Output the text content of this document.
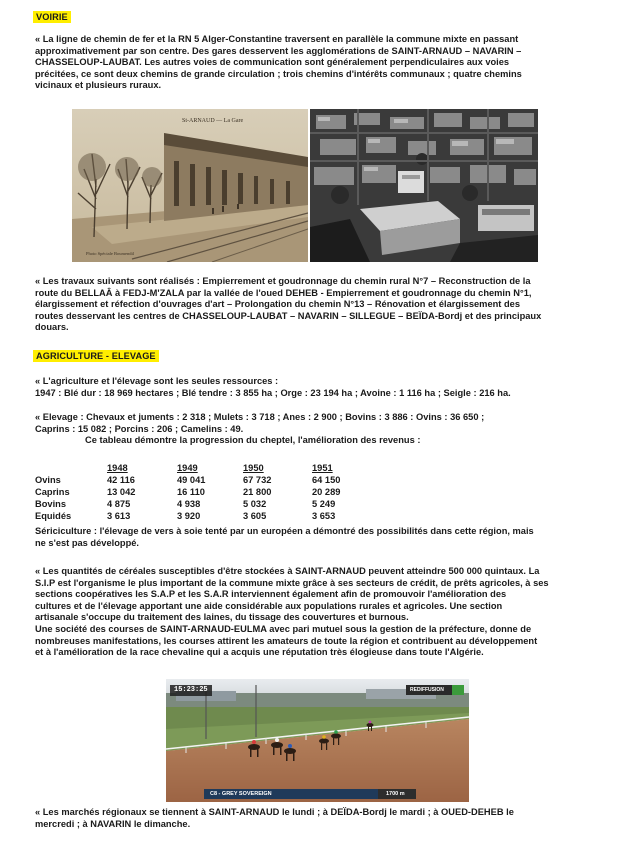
VOIRIE
« La ligne de chemin de fer et la RN 5 Alger-Constantine traversent en parallèle la commune mixte en passant
approximativement par son centre. Des gares desservent les agglomérations de SAINT-ARNAUD – NAVARIN –
CHASSELOUP-LAUBAT. Les autres voies de communication sont généralement perpendiculaires aux voies
précitées, ce sont deux chemins de grande circulation ; trois chemins d'intérêts communaux ; quatre chemins
vicinaux et plusieurs ruraux.
St-ARNAUD — La Gare
Photo Spéciale Boumendil
« Les travaux suivants sont réalisés : Empierrement et goudronnage du chemin rural N°7 – Reconstruction de la
route du BELLAÂ à FEDJ-M'ZALA par la vallée de l'oued DEHEB - Empierrement et goudronnage du chemin N°1,
élargissement et réfection d'ouvrages d'art – Prolongation du chemin N°13 – Rénovation et élargissement des
routes desservant les centres de CHASSELOUP-LAUBAT – NAVARIN – SILLEGUE – BEÏDA-Bordj et des principaux
douars.
AGRICULTURE - ELEVAGE
« L'agriculture et l'élevage sont les seules ressources :
1947 : Blé dur : 18 969 hectares ; Blé tendre : 3 855 ha ; Orge : 23 194 ha ; Avoine : 1 116 ha ; Seigle : 216 ha.
« Elevage : Chevaux et juments : 2 318 ; Mulets : 3 718 ; Anes : 2 900 ; Bovins : 3 886 : Ovins : 36 650 ;
Caprins : 15 082 ; Porcins : 206 ; Camelins : 49.
Ce tableau démontre la progression du cheptel, l'amélioration des revenus :
	1948	1949	1950	1951
Ovins	42 116	49 041	67 732	64 150
Caprins	13 042	16 110	21 800	20 289
Bovins	4 875	4 938	5 032	5 249
Equidés	3 613	3 920	3 605	3 653
Sériciculture : l'élevage de vers à soie tenté par un européen a démontré des possibilités dans cette région, mais
ne s'est pas développé.
« Les quantités de céréales susceptibles d'être stockées à SAINT-ARNAUD peuvent atteindre 500 000 quintaux. La
S.I.P est l'organisme le plus important de la commune mixte grâce à ses secteurs de crédit, de prêts agricoles, à ses
sections coopératives les S.A.P et les S.A.R interviennent également afin de promouvoir l'amélioration des
cultures et de l'élevage apportant une aide considérable aux populations rurales et agricoles. Une section
artisanale s'occupe du traitement des laines, du tissage des couvertures et burnous.
Une société des courses de SAINT-ARNAUD-EULMA avec pari mutuel sous la gestion de la préfecture, donne de
nombreuses manifestations, les courses attirent les amateurs de toute la région et contribuent au développement
et à l'amélioration de la race chevaline qui a acquis une réputation très élogieuse dans toute l'Algérie.
15:23:25	REDIFFUSION
C8 - GREY SOVEREIGN	1700 m
« Les marchés régionaux se tiennent à SAINT-ARNAUD le lundi ; à DEÏDA-Bordj le mardi ; à OUED-DEHEB le
mercredi ; à NAVARIN le dimanche.
